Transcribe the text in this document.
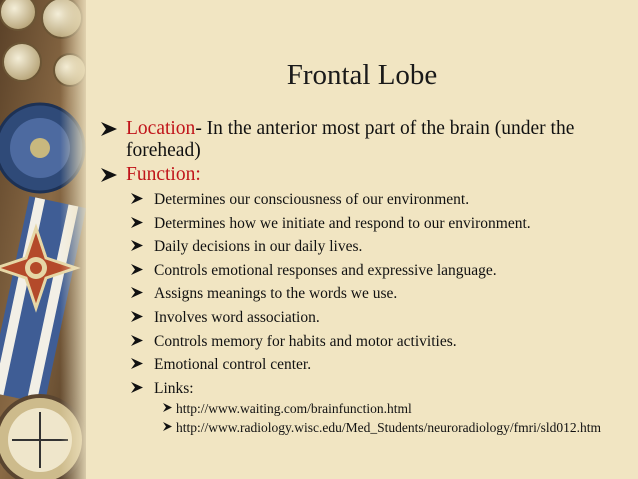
Frontal Lobe
Location- In the anterior most part of the brain (under the forehead)
Function:
Determines our consciousness of our environment.
Determines how we initiate and respond to our environment.
Daily decisions in our daily lives.
Controls emotional responses and expressive language.
Assigns meanings to the words we use.
Involves word association.
Controls memory for habits and motor activities.
Emotional control center.
Links:
http://www.waiting.com/brainfunction.html
http://www.radiology.wisc.edu/Med_Students/neuroradiology/fmri/sld012.htm
